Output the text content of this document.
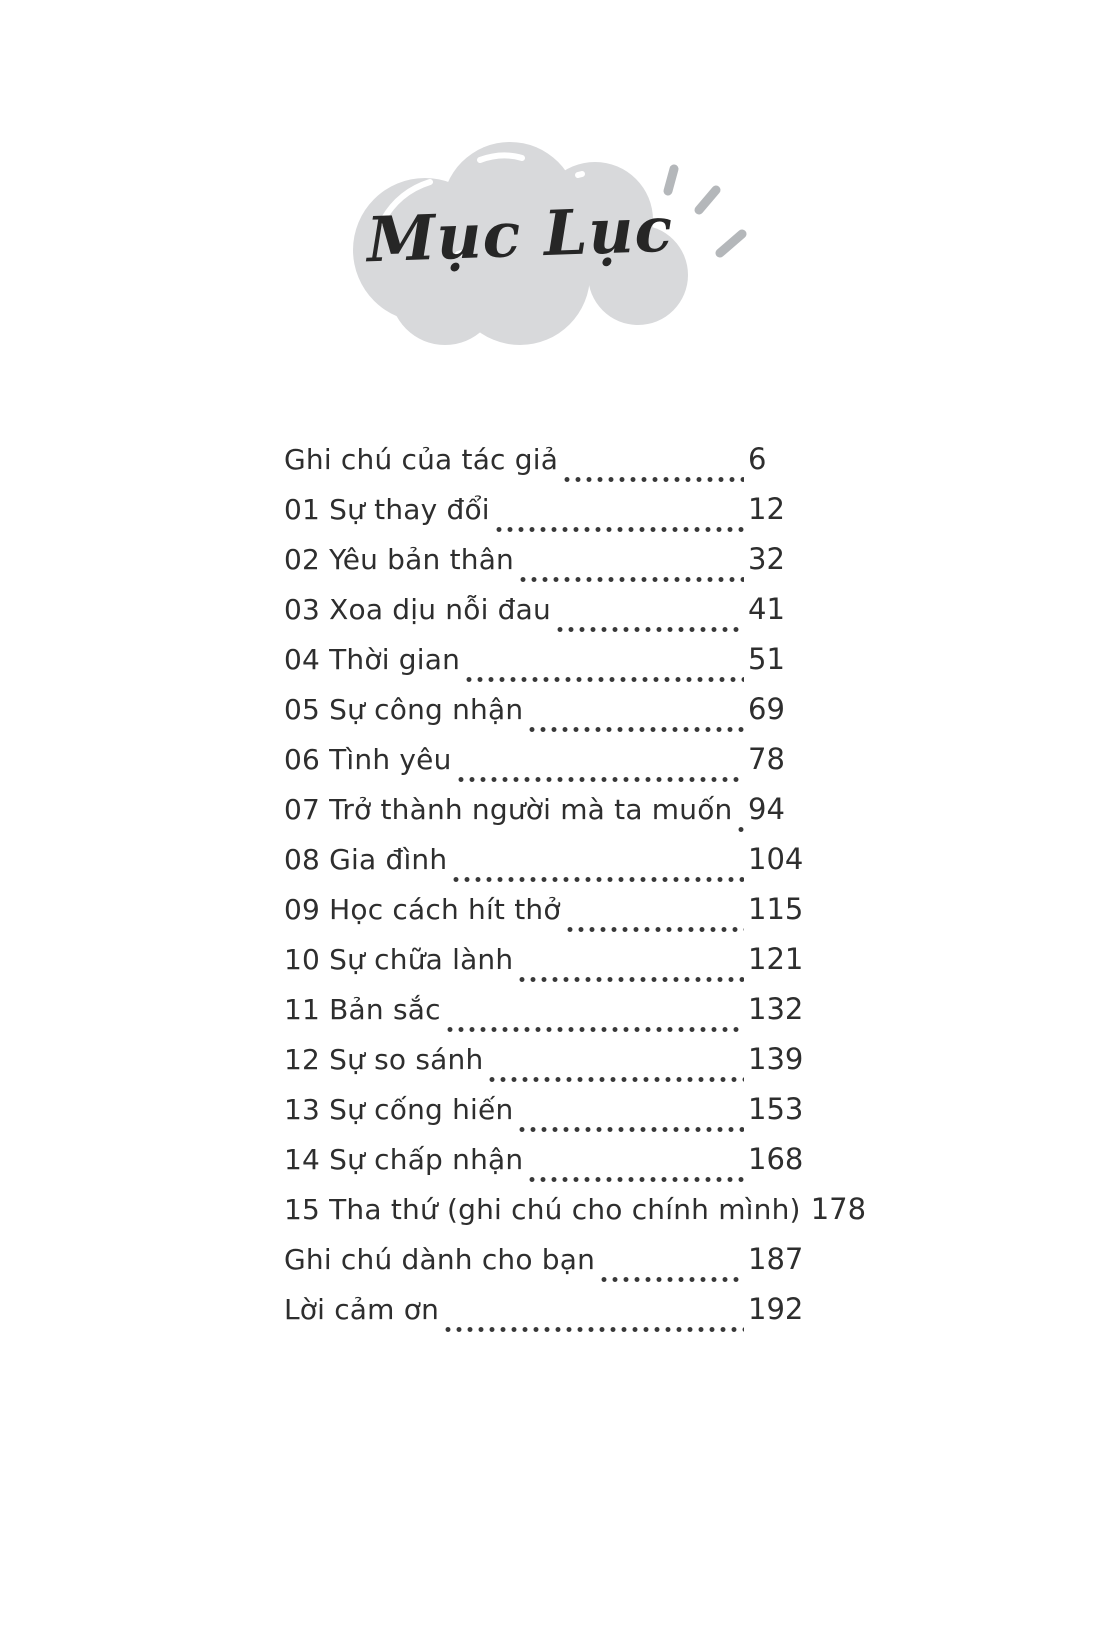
Mục Lục
Ghi chú của tác giả	6
01 Sự thay đổi	12
02 Yêu bản thân	32
03 Xoa dịu nỗi đau	41
04 Thời gian	51
05 Sự công nhận	69
06 Tình yêu	78
07 Trở thành người mà ta muốn 94
08 Gia đình	104
09 Học cách hít thở	115
10 Sự chữa lành	121
11 Bản sắc	132
12 Sự so sánh	139
13 Sự cống hiến	153
14 Sự chấp nhận	168
15 Tha thứ (ghi chú cho chính mình) 178
Ghi chú dành cho bạn	187
Lời cảm ơn	192
